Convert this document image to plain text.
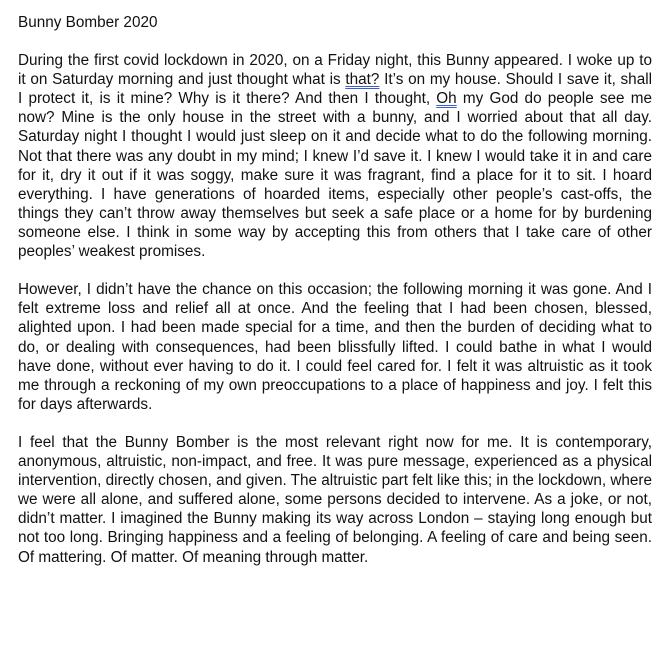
Bunny Bomber 2020

During the first covid lockdown in 2020, on a Friday night, this Bunny appeared. I woke up to it on Saturday morning and just thought what is that? It’s on my house. Should I save it, shall I protect it, is it mine? Why is it there? And then I thought, Oh my God do people see me now? Mine is the only house in the street with a bunny, and I worried about that all day. Saturday night I thought I would just sleep on it and decide what to do the following morning. Not that there was any doubt in my mind; I knew I’d save it. I knew I would take it in and care for it, dry it out if it was soggy, make sure it was fragrant, find a place for it to sit. I hoard everything. I have generations of hoarded items, especially other people’s cast-offs, the things they can’t throw away themselves but seek a safe place or a home for by burdening someone else. I think in some way by accepting this from others that I take care of other peoples’ weakest promises.

However, I didn’t have the chance on this occasion; the following morning it was gone. And I felt extreme loss and relief all at once. And the feeling that I had been chosen, blessed, alighted upon. I had been made special for a time, and then the burden of deciding what to do, or dealing with consequences, had been blissfully lifted. I could bathe in what I would have done, without ever having to do it. I could feel cared for. I felt it was altruistic as it took me through a reckoning of my own preoccupations to a place of happiness and joy. I felt this for days afterwards.

I feel that the Bunny Bomber is the most relevant right now for me. It is contemporary, anonymous, altruistic, non-impact, and free. It was pure message, experienced as a physical intervention, directly chosen, and given. The altruistic part felt like this; in the lockdown, where we were all alone, and suffered alone, some persons decided to intervene. As a joke, or not, didn’t matter. I imagined the Bunny making its way across London – staying long enough but not too long. Bringing happiness and a feeling of belonging. A feeling of care and being seen. Of mattering. Of matter. Of meaning through matter.
